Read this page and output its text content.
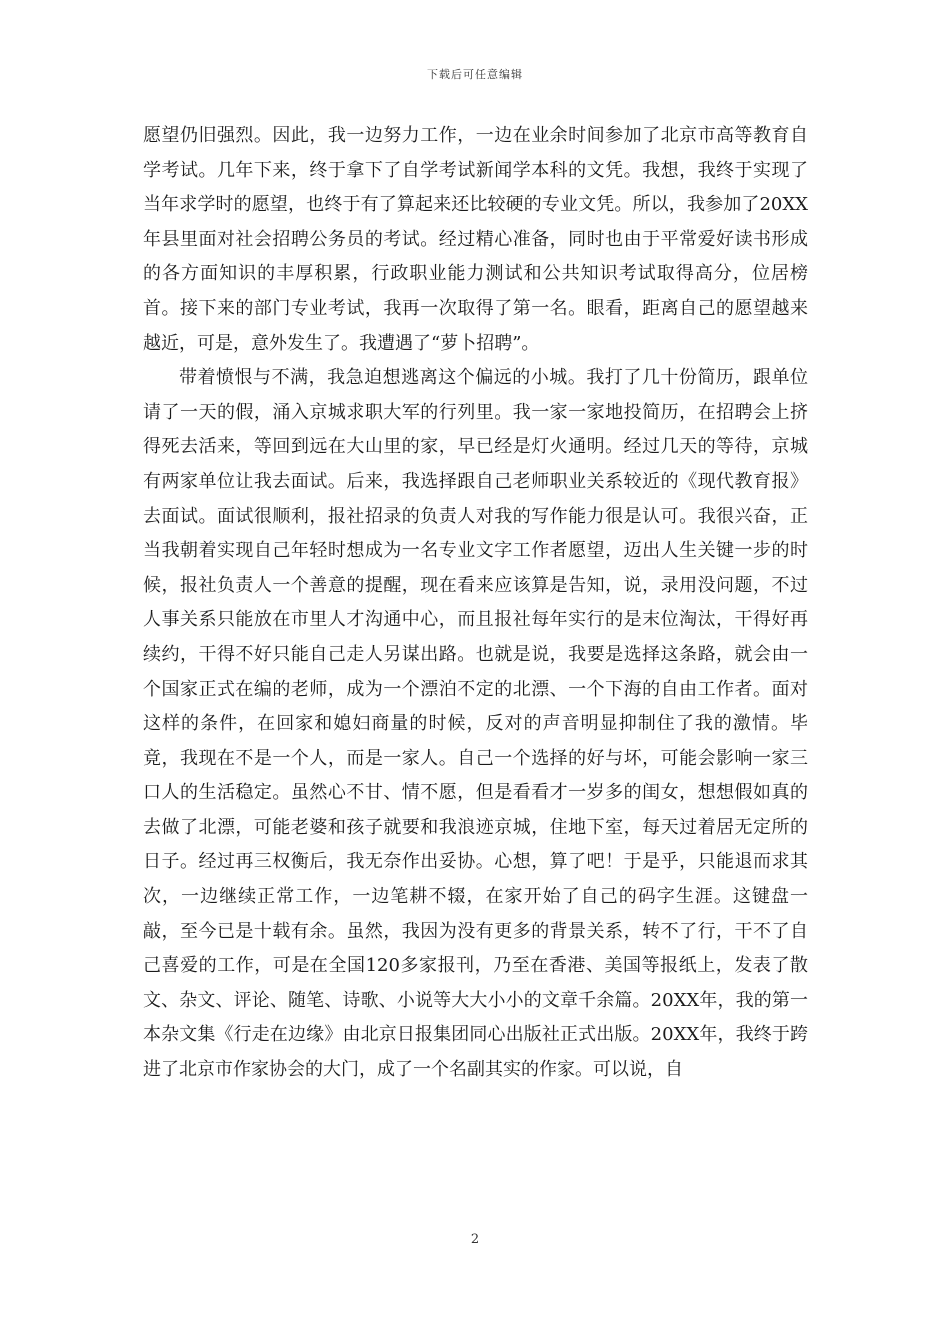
下载后可任意编辑

愿望仍旧强烈。因此，我一边努力工作，一边在业余时间参加了北京市高等教育自学考试。几年下来，终于拿下了自学考试新闻学本科的文凭。我想，我终于实现了当年求学时的愿望，也终于有了算起来还比较硬的专业文凭。所以，我参加了20XX年县里面对社会招聘公务员的考试。经过精心准备，同时也由于平常爱好读书形成的各方面知识的丰厚积累，行政职业能力测试和公共知识考试取得高分，位居榜首。接下来的部门专业考试，我再一次取得了第一名。眼看，距离自己的愿望越来越近，可是，意外发生了。我遭遇了“萝卜招聘”。

带着愤恨与不满，我急迫想逃离这个偏远的小城。我打了几十份简历，跟单位请了一天的假，涌入京城求职大军的行列里。我一家一家地投简历，在招聘会上挤得死去活来，等回到远在大山里的家，早已经是灯火通明。经过几天的等待，京城有两家单位让我去面试。后来，我选择跟自己老师职业关系较近的《现代教育报》去面试。面试很顺利，报社招录的负责人对我的写作能力很是认可。我很兴奋，正当我朝着实现自己年轻时想成为一名专业文字工作者愿望，迈出人生关键一步的时候，报社负责人一个善意的提醒，现在看来应该算是告知，说，录用没问题，不过人事关系只能放在市里人才沟通中心，而且报社每年实行的是末位淘汰，干得好再续约，干得不好只能自己走人另谋出路。也就是说，我要是选择这条路，就会由一个国家正式在编的老师，成为一个漂泊不定的北漂、一个下海的自由工作者。面对这样的条件，在回家和媳妇商量的时候，反对的声音明显抑制住了我的激情。毕竟，我现在不是一个人，而是一家人。自己一个选择的好与坏，可能会影响一家三口人的生活稳定。虽然心不甘、情不愿，但是看看才一岁多的闺女，想想假如真的去做了北漂，可能老婆和孩子就要和我浪迹京城，住地下室，每天过着居无定所的日子。经过再三权衡后，我无奈作出妥协。心想，算了吧！于是乎，只能退而求其次，一边继续正常工作，一边笔耕不辍，在家开始了自己的码字生涯。这键盘一敲，至今已是十载有余。虽然，我因为没有更多的背景关系，转不了行，干不了自己喜爱的工作，可是在全国120多家报刊，乃至在香港、美国等报纸上，发表了散文、杂文、评论、随笔、诗歌、小说等大大小小的文章千余篇。20XX年，我的第一本杂文集《行走在边缘》由北京日报集团同心出版社正式出版。20XX年，我终于跨进了北京市作家协会的大门，成了一个名副其实的作家。可以说，自

2
